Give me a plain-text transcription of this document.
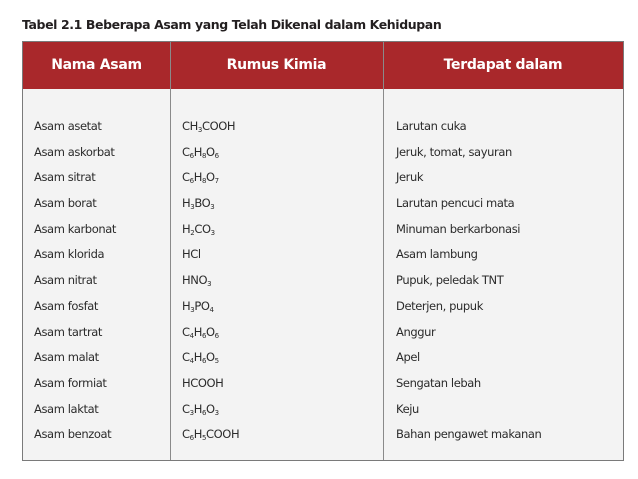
Tabel 2.1 Beberapa Asam yang Telah Dikenal dalam Kehidupan
Nama Asam	Rumus Kimia	Terdapat dalam
Asam asetat	$CH_3COOH$	Larutan cuka
Asam askorbat	$C_6H_8O_6$	Jeruk, tomat, sayuran
Asam sitrat	$C_6H_8O_7$	Jeruk
Asam borat	$H_3BO_3$	Larutan pencuci mata
Asam karbonat	$H_2CO_3$	Minuman berkarbonasi
Asam klorida	HCl	Asam lambung
Asam nitrat	$HNO_3$	Pupuk, peledak TNT
Asam fosfat	$H_3PO_4$	Deterjen, pupuk
Asam tartrat	$C_4H_6O_6$	Anggur
Asam malat	$C_4H_6O_5$	Apel
Asam formiat	HCOOH	Sengatan lebah
Asam laktat	$C_3H_6O_3$	Keju
Asam benzoat	$C_6H_5COOH$	Bahan pengawet makanan
